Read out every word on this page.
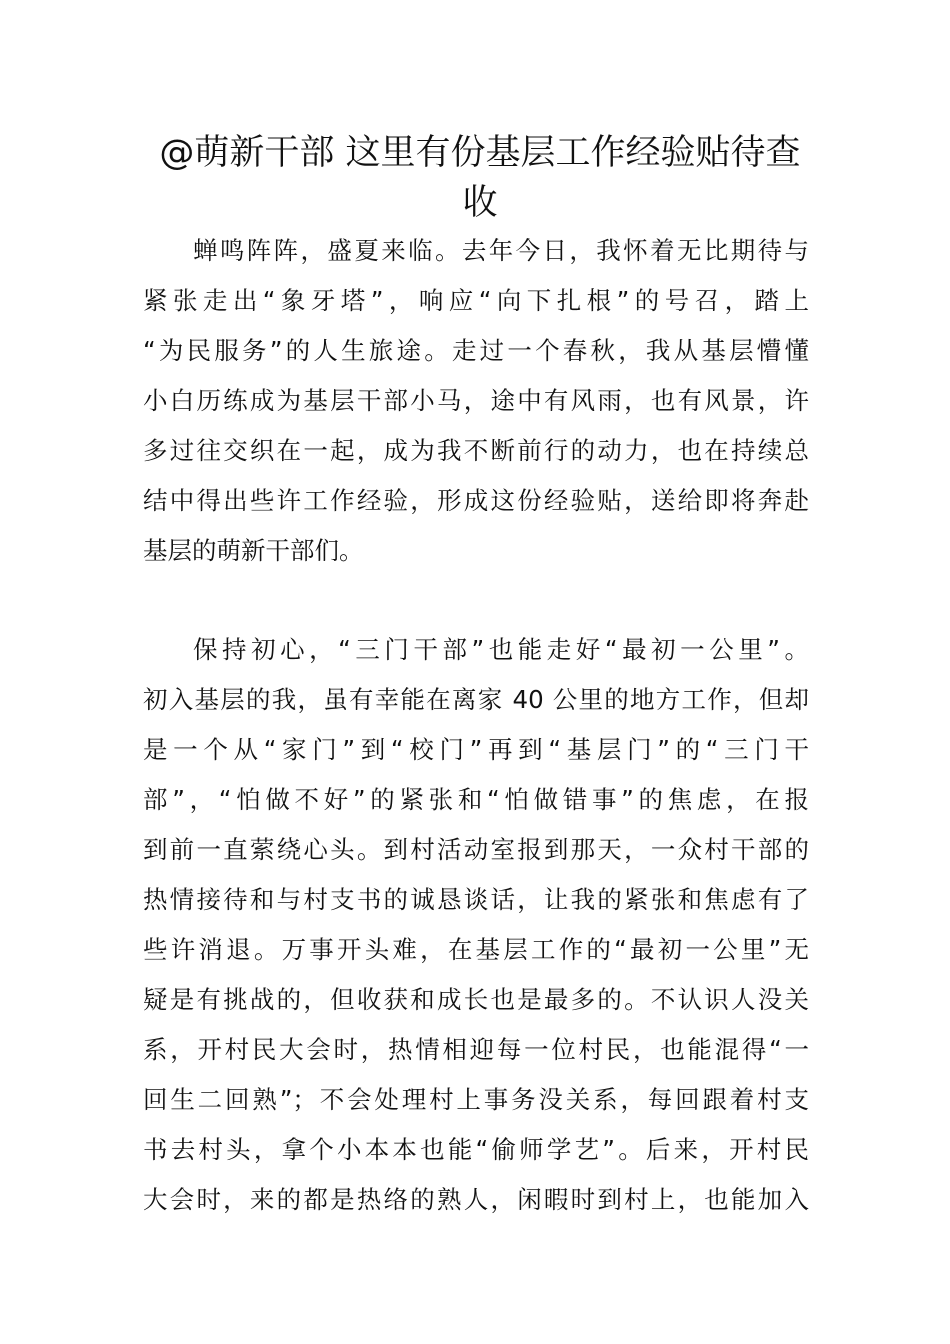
@萌新干部 这里有份基层工作经验贴待查收
蝉鸣阵阵，盛夏来临。去年今日，我怀着无比期待与
紧张走出“象牙塔”，响应“向下扎根”的号召，踏上
“为民服务”的人生旅途。走过一个春秋，我从基层懵懂
小白历练成为基层干部小马，途中有风雨，也有风景，许
多过往交织在一起，成为我不断前行的动力，也在持续总
结中得出些许工作经验，形成这份经验贴，送给即将奔赴
基层的萌新干部们。
保持初心，“三门干部”也能走好“最初一公里”。
初入基层的我，虽有幸能在离家 40 公里的地方工作，但却
是一个从“家门”到“校门”再到“基层门”的“三门干
部”，“怕做不好”的紧张和“怕做错事”的焦虑，在报
到前一直萦绕心头。到村活动室报到那天，一众村干部的
热情接待和与村支书的诚恳谈话，让我的紧张和焦虑有了
些许消退。万事开头难，在基层工作的“最初一公里”无
疑是有挑战的，但收获和成长也是最多的。不认识人没关
系，开村民大会时，热情相迎每一位村民，也能混得“一
回生二回熟”；不会处理村上事务没关系，每回跟着村支
书去村头，拿个小本本也能“偷师学艺”。后来，开村民
大会时，来的都是热络的熟人，闲暇时到村上，也能加入
